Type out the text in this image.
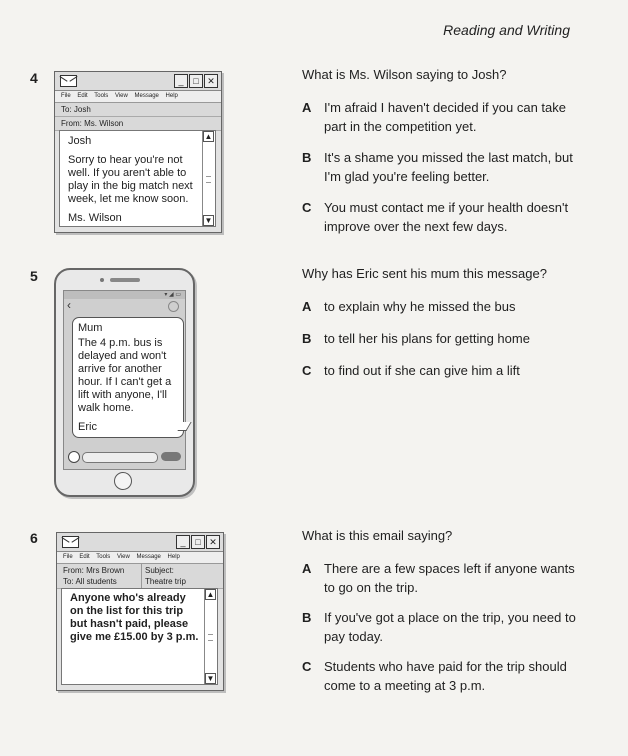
Reading and Writing
4	_	□ ✕
File Edit Tools View Message Help
To: Josh
From: Ms. Wilson
Josh
Sorry to hear you're not well. If you aren't able to play in the big match next week, let me know soon.
Ms. Wilson
▲
▼
What is Ms. Wilson saying to Josh?
A I'm afraid I haven't decided if you can take part in the competition yet.
B It's a shame you missed the last match, but I'm glad you're feeling better.
C You must contact me if your health doesn't improve over the next few days.
5
▾ ◢ ▭
‹
Mum
The 4 p.m. bus is delayed and won't arrive for another hour. If I can't get a lift with anyone, I'll walk home.
Eric
Why has Eric sent his mum this message?
A to explain why he missed the bus
B to tell her his plans for getting home
C to find out if she can give him a lift
6	_	□ ✕
File Edit Tools View Message Help
From: Mrs Brown
To: All students
Subject:
Theatre trip
Anyone who's already on the list for this trip but hasn't paid, please give me £15.00 by 3 p.m.
▲
▼
What is this email saying?
A There are a few spaces left if anyone wants to go on the trip.
B If you've got a place on the trip, you need to pay today.
C Students who have paid for the trip should come to a meeting at 3 p.m.
